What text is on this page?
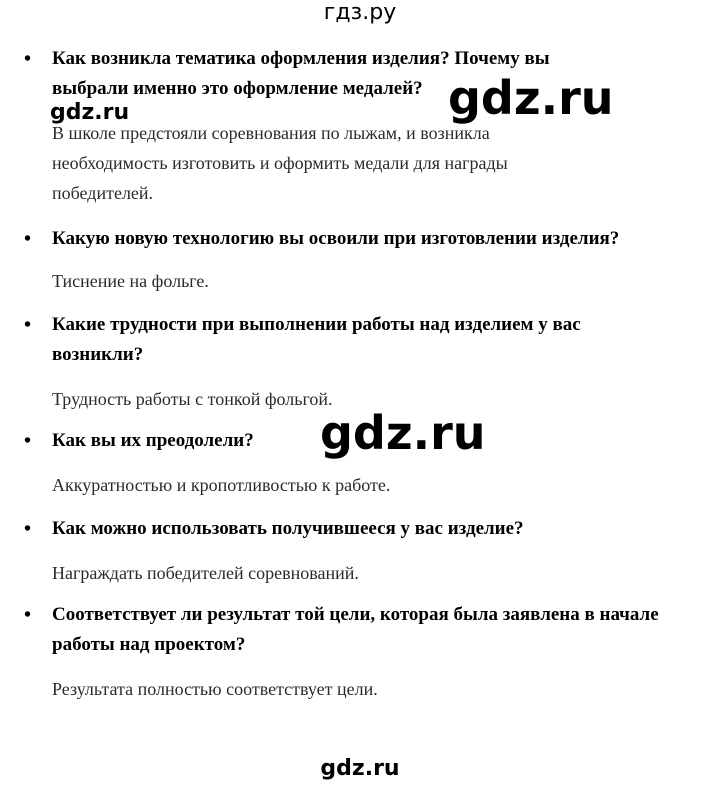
гдз.ру
•	Как возникла тематика оформления изделия? Почему вы выбрали именно это оформление медалей?
В школе предстояли соревнования по лыжам, и возникла необходимость изготовить и оформить медали для награды победителей.
•	Какую новую технологию вы освоили при изготовлении изделия?
Тиснение на фольге.
•	Какие трудности при выполнении работы над изделием у вас возникли?
Трудность работы с тонкой фольгой.
•	Как вы их преодолели?
Аккуратностью и кропотливостью к работе.
•	Как можно использовать получившееся у вас изделие?
Награждать победителей соревнований.
•	Соответствует ли результат той цели, которая была заявлена в начале работы над проектом?
Результата полностью соответствует цели.
gdz.ru	gdz.ru
gdz.ru
gdz.ru
